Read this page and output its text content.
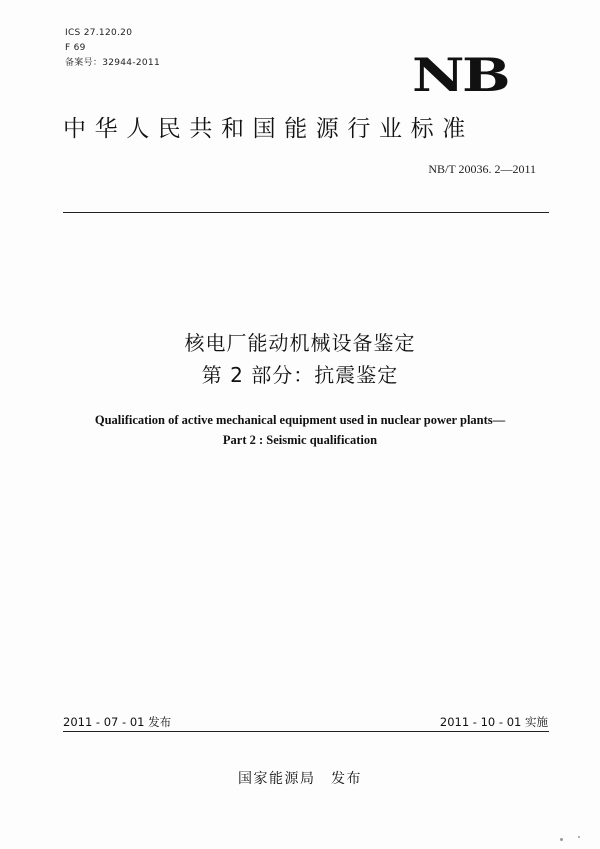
ICS 27.120.20
F 69
备案号：32944-2011	NB
中华人民共和国能源行业标准
NB/T 20036. 2—2011
核电厂能动机械设备鉴定
第 2 部分：抗震鉴定
Qualification of active mechanical equipment used in nuclear power plants—
Part 2 : Seismic qualification
2011 - 07 - 01 发布	2011 - 10 - 01 实施
国家能源局　发布
